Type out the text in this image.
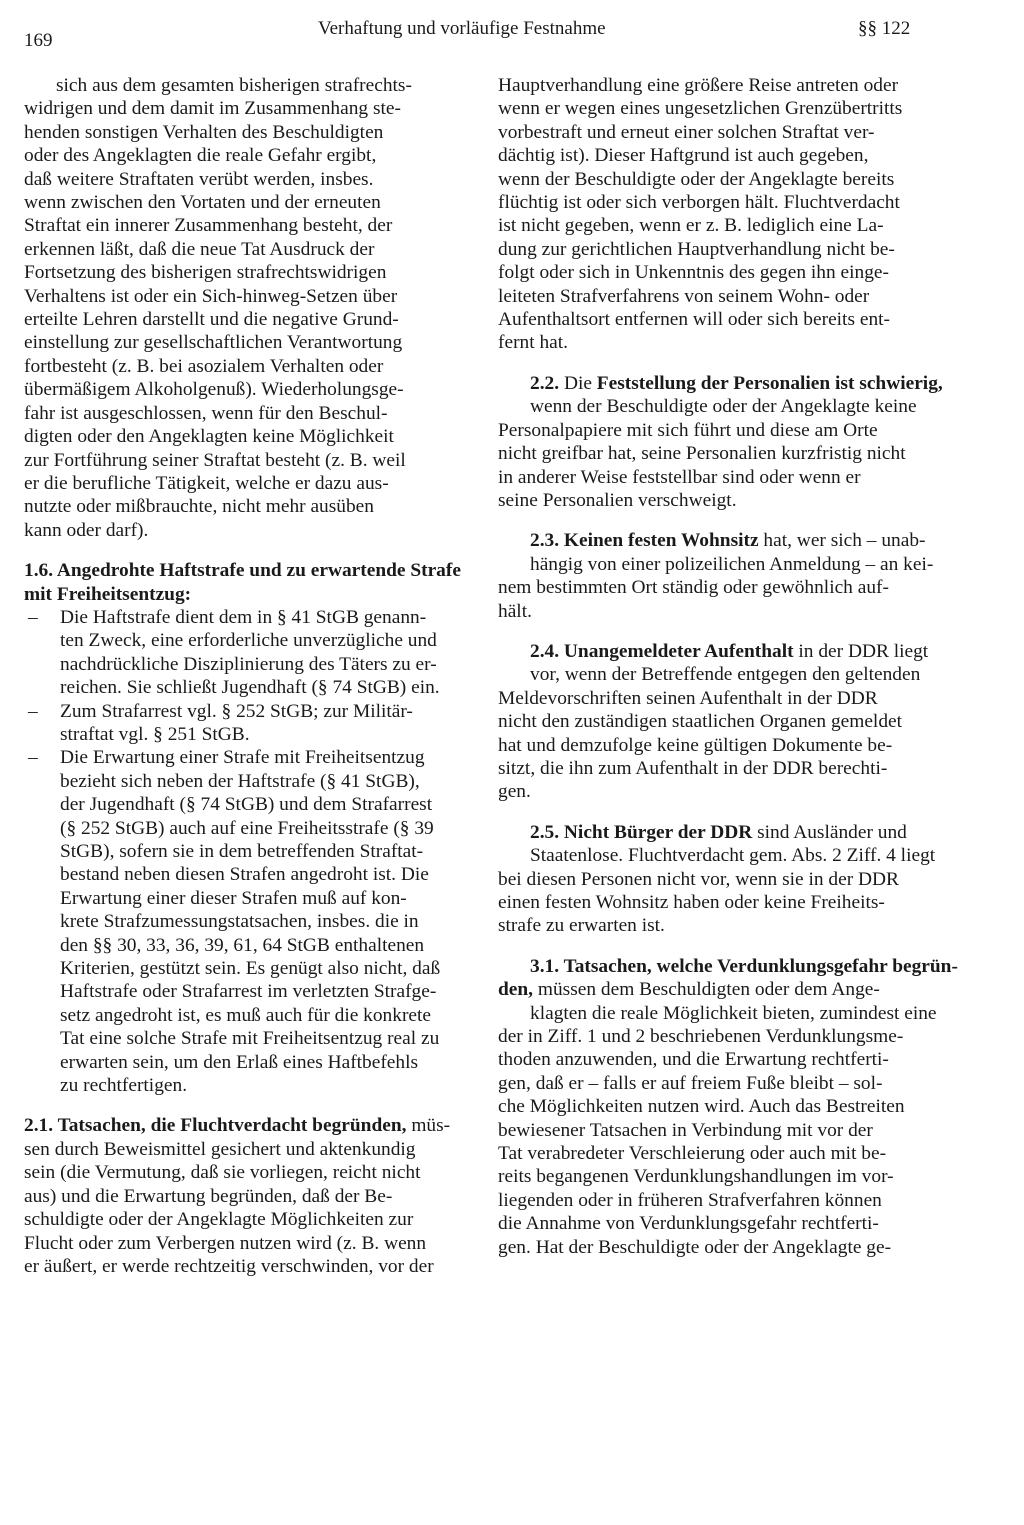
169
Verhaftung und vorläufige Festnahme	§§ 122
sich aus dem gesamten bisherigen strafrechts-
widrigen und dem damit im Zusammenhang ste-
henden sonstigen Verhalten des Beschuldigten
oder des Angeklagten die reale Gefahr ergibt,
daß weitere Straftaten verübt werden, insbes.
wenn zwischen den Vortaten und der erneuten
Straftat ein innerer Zusammenhang besteht, der
erkennen läßt, daß die neue Tat Ausdruck der
Fortsetzung des bisherigen strafrechtswidrigen
Verhaltens ist oder ein Sich-hinweg-Setzen über
erteilte Lehren darstellt und die negative Grund-
einstellung zur gesellschaftlichen Verantwortung
fortbesteht (z. B. bei asozialem Verhalten oder
übermäßigem Alkoholgenuß). Wiederholungsge-
fahr ist ausgeschlossen, wenn für den Beschul-
digten oder den Angeklagten keine Möglichkeit
zur Fortführung seiner Straftat besteht (z. B. weil
er die berufliche Tätigkeit, welche er dazu aus-
nutzte oder mißbrauchte, nicht mehr ausüben
kann oder darf).
1.6. Angedrohte Haftstrafe und zu erwartende Strafe
mit Freiheitsentzug:
– Die Haftstrafe dient dem in § 41 StGB genann-
ten Zweck, eine erforderliche unverzügliche und
nachdrückliche Disziplinierung des Täters zu er-
reichen. Sie schließt Jugendhaft (§ 74 StGB) ein.
– Zum Strafarrest vgl. § 252 StGB; zur Militär-
straftat vgl. § 251 StGB.
– Die Erwartung einer Strafe mit Freiheitsentzug
bezieht sich neben der Haftstrafe (§ 41 StGB),
der Jugendhaft (§ 74 StGB) und dem Strafarrest
(§ 252 StGB) auch auf eine Freiheitsstrafe (§ 39
StGB), sofern sie in dem betreffenden Straftat-
bestand neben diesen Strafen angedroht ist. Die
Erwartung einer dieser Strafen muß auf kon-
krete Strafzumessungstatsachen, insbes. die in
den §§ 30, 33, 36, 39, 61, 64 StGB enthaltenen
Kriterien, gestützt sein. Es genügt also nicht, daß
Haftstrafe oder Strafarrest im verletzten Strafge-
setz angedroht ist, es muß auch für die konkrete
Tat eine solche Strafe mit Freiheitsentzug real zu
erwarten sein, um den Erlaß eines Haftbefehls
zu rechtfertigen.
2.1. Tatsachen, die Fluchtverdacht begründen, müs-
sen durch Beweismittel gesichert und aktenkundig
sein (die Vermutung, daß sie vorliegen, reicht nicht
aus) und die Erwartung begründen, daß der Be-
schuldigte oder der Angeklagte Möglichkeiten zur
Flucht oder zum Verbergen nutzen wird (z. B. wenn
er äußert, er werde rechtzeitig verschwinden, vor der
Hauptverhandlung eine größere Reise antreten oder
wenn er wegen eines ungesetzlichen Grenzübertritts
vorbestraft und erneut einer solchen Straftat ver-
dächtig ist). Dieser Haftgrund ist auch gegeben,
wenn der Beschuldigte oder der Angeklagte bereits
flüchtig ist oder sich verborgen hält. Fluchtverdacht
ist nicht gegeben, wenn er z. B. lediglich eine La-
dung zur gerichtlichen Hauptverhandlung nicht be-
folgt oder sich in Unkenntnis des gegen ihn einge-
leiteten Strafverfahrens von seinem Wohn- oder
Aufenthaltsort entfernen will oder sich bereits ent-
fernt hat.
2.2. Die Feststellung der Personalien ist schwierig,
wenn der Beschuldigte oder der Angeklagte keine
Personalpapiere mit sich führt und diese am Orte
nicht greifbar hat, seine Personalien kurzfristig nicht
in anderer Weise feststellbar sind oder wenn er
seine Personalien verschweigt.
2.3. Keinen festen Wohnsitz hat, wer sich – unab-
hängig von einer polizeilichen Anmeldung – an kei-
nem bestimmten Ort ständig oder gewöhnlich auf-
hält.
2.4. Unangemeldeter Aufenthalt in der DDR liegt
vor, wenn der Betreffende entgegen den geltenden
Meldevorschriften seinen Aufenthalt in der DDR
nicht den zuständigen staatlichen Organen gemeldet
hat und demzufolge keine gültigen Dokumente be-
sitzt, die ihn zum Aufenthalt in der DDR berechti-
gen.
2.5. Nicht Bürger der DDR sind Ausländer und
Staatenlose. Fluchtverdacht gem. Abs. 2 Ziff. 4 liegt
bei diesen Personen nicht vor, wenn sie in der DDR
einen festen Wohnsitz haben oder keine Freiheits-
strafe zu erwarten ist.
3.1. Tatsachen, welche Verdunklungsgefahr begrün-
den, müssen dem Beschuldigten oder dem Ange-
klagten die reale Möglichkeit bieten, zumindest eine
der in Ziff. 1 und 2 beschriebenen Verdunklungsme-
thoden anzuwenden, und die Erwartung rechtferti-
gen, daß er – falls er auf freiem Fuße bleibt – sol-
che Möglichkeiten nutzen wird. Auch das Bestreiten
bewiesener Tatsachen in Verbindung mit vor der
Tat verabredeter Verschleierung oder auch mit be-
reits begangenen Verdunklungshandlungen im vor-
liegenden oder in früheren Strafverfahren können
die Annahme von Verdunklungsgefahr rechtferti-
gen. Hat der Beschuldigte oder der Angeklagte ge-
